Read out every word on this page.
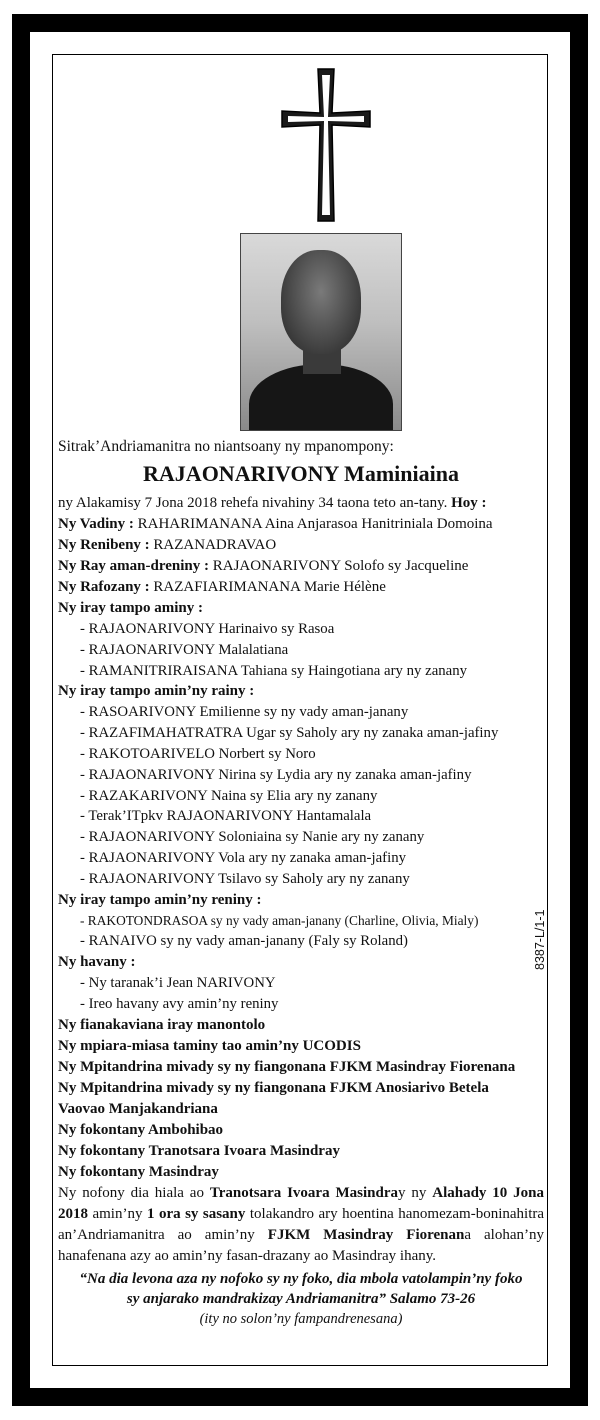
Sitrak’Andriamanitra no niantsoany ny mpanompony:
RAJAONARIVONY Maminiaina
ny Alakamisy 7 Jona 2018 rehefa nivahiny 34 taona teto an-tany. Hoy :
Ny Vadiny : RAHARIMANANA Aina Anjarasoa Hanitriniala Domoina
Ny Renibeny : RAZANADRAVAO
Ny Ray aman-dreniny : RAJAONARIVONY Solofo sy Jacqueline
Ny Rafozany : RAZAFIARIMANANA Marie Hélène
Ny iray tampo aminy :
- RAJAONARIVONY Harinaivo sy Rasoa
- RAJAONARIVONY Malalatiana
- RAMANITRIRAISANA Tahiana sy Haingotiana ary ny zanany
Ny iray tampo amin’ny rainy :
- RASOARIVONY Emilienne sy ny vady aman-janany
- RAZAFIMAHATRATRA Ugar sy Saholy ary ny zanaka aman-jafiny
- RAKOTOARIVELO Norbert sy Noro
- RAJAONARIVONY Nirina sy Lydia ary ny zanaka aman-jafiny
- RAZAKARIVONY Naina sy Elia ary ny zanany
- Terak’ITpkv RAJAONARIVONY Hantamalala
- RAJAONARIVONY Soloniaina sy Nanie ary ny zanany
- RAJAONARIVONY Vola ary ny zanaka aman-jafiny
- RAJAONARIVONY Tsilavo sy Saholy ary ny zanany
Ny iray tampo amin’ny reniny :
- RAKOTONDRASOA sy ny vady aman-janany (Charline, Olivia, Mialy)
- RANAIVO sy ny vady aman-janany (Faly sy Roland)
Ny havany :
- Ny taranak’i Jean NARIVONY
- Ireo havany avy amin’ny reniny
Ny fianakaviana iray manontolo
Ny mpiara-miasa taminy tao amin’ny UCODIS
Ny Mpitandrina mivady sy ny fiangonana FJKM Masindray Fiorenana
Ny Mpitandrina mivady sy ny fiangonana FJKM Anosiarivo Betela
Vaovao Manjakandriana
Ny fokontany Ambohibao
Ny fokontany Tranotsara Ivoara Masindray
Ny fokontany Masindray
Ny nofony dia hiala ao Tranotsara Ivoara Masindray ny Alahady 10 Jona 2018 amin’ny 1 ora sy sasany tolakandro ary hoentina hanomezam-boninahitra an’Andriamanitra ao amin’ny FJKM Masindray Fiorenana alohan’ny hanafenana azy ao amin’ny fasan-drazany ao Masindray ihany.
“Na dia levona aza ny nofoko sy ny foko, dia mbola vatolampin’ny foko
sy anjarako mandrakizay Andriamanitra” Salamo 73-26
(ity no solon’ny fampandrenesana)
8387-L/1-1
